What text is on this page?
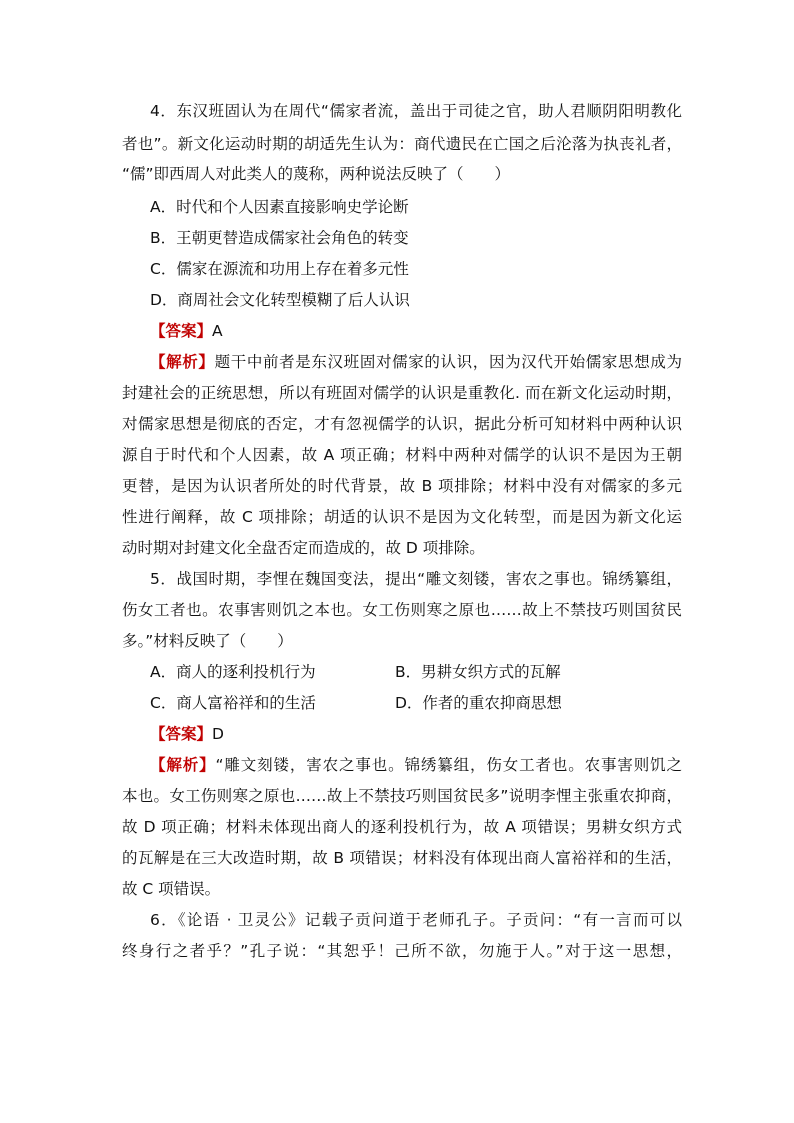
4．东汉班固认为在周代“儒家者流，盖出于司徒之官，助人君顺阴阳明教化
者也”。新文化运动时期的胡适先生认为：商代遗民在亡国之后沦落为执丧礼者，
“儒”即西周人对此类人的蔑称，两种说法反映了（　　）
A．时代和个人因素直接影响史学论断
B．王朝更替造成儒家社会角色的转变
C．儒家在源流和功用上存在着多元性
D．商周社会文化转型模糊了后人认识
【答案】A
【解析】题干中前者是东汉班固对儒家的认识，因为汉代开始儒家思想成为
封建社会的正统思想，所以有班固对儒学的认识是重教化. 而在新文化运动时期，
对儒家思想是彻底的否定，才有忽视儒学的认识，据此分析可知材料中两种认识
源自于时代和个人因素，故 A 项正确；材料中两种对儒学的认识不是因为王朝
更替，是因为认识者所处的时代背景，故 B 项排除；材料中没有对儒家的多元
性进行阐释，故 C 项排除；胡适的认识不是因为文化转型，而是因为新文化运
动时期对封建文化全盘否定而造成的，故 D 项排除。
5．战国时期，李悝在魏国变法，提出“雕文刻镂，害农之事也。锦绣纂组，
伤女工者也。农事害则饥之本也。女工伤则寒之原也……故上不禁技巧则国贫民
多。”材料反映了（　　）
A．商人的逐利投机行为	B．男耕女织方式的瓦解
C．商人富裕祥和的生活	D．作者的重农抑商思想
【答案】D
【解析】“雕文刻镂，害农之事也。锦绣纂组，伤女工者也。农事害则饥之
本也。女工伤则寒之原也……故上不禁技巧则国贫民多”说明李悝主张重农抑商，
故 D 项正确；材料未体现出商人的逐利投机行为，故 A 项错误；男耕女织方式
的瓦解是在三大改造时期，故 B 项错误；材料没有体现出商人富裕祥和的生活，
故 C 项错误。
6．《论语 · 卫灵公》记载子贡问道于老师孔子。子贡问：“有一言而可以
终身行之者乎？”孔子说：“其恕乎！己所不欲，勿施于人。”对于这一思想，
